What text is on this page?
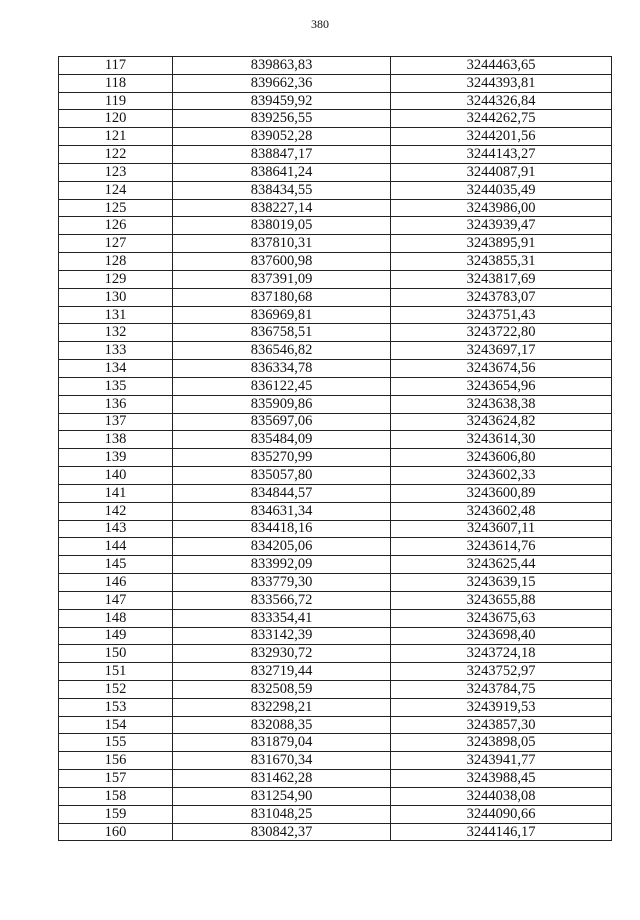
380
117	839863,83	3244463,65
118	839662,36	3244393,81
119	839459,92	3244326,84
120	839256,55	3244262,75
121	839052,28	3244201,56
122	838847,17	3244143,27
123	838641,24	3244087,91
124	838434,55	3244035,49
125	838227,14	3243986,00
126	838019,05	3243939,47
127	837810,31	3243895,91
128	837600,98	3243855,31
129	837391,09	3243817,69
130	837180,68	3243783,07
131	836969,81	3243751,43
132	836758,51	3243722,80
133	836546,82	3243697,17
134	836334,78	3243674,56
135	836122,45	3243654,96
136	835909,86	3243638,38
137	835697,06	3243624,82
138	835484,09	3243614,30
139	835270,99	3243606,80
140	835057,80	3243602,33
141	834844,57	3243600,89
142	834631,34	3243602,48
143	834418,16	3243607,11
144	834205,06	3243614,76
145	833992,09	3243625,44
146	833779,30	3243639,15
147	833566,72	3243655,88
148	833354,41	3243675,63
149	833142,39	3243698,40
150	832930,72	3243724,18
151	832719,44	3243752,97
152	832508,59	3243784,75
153	832298,21	3243919,53
154	832088,35	3243857,30
155	831879,04	3243898,05
156	831670,34	3243941,77
157	831462,28	3243988,45
158	831254,90	3244038,08
159	831048,25	3244090,66
160	830842,37	3244146,17
